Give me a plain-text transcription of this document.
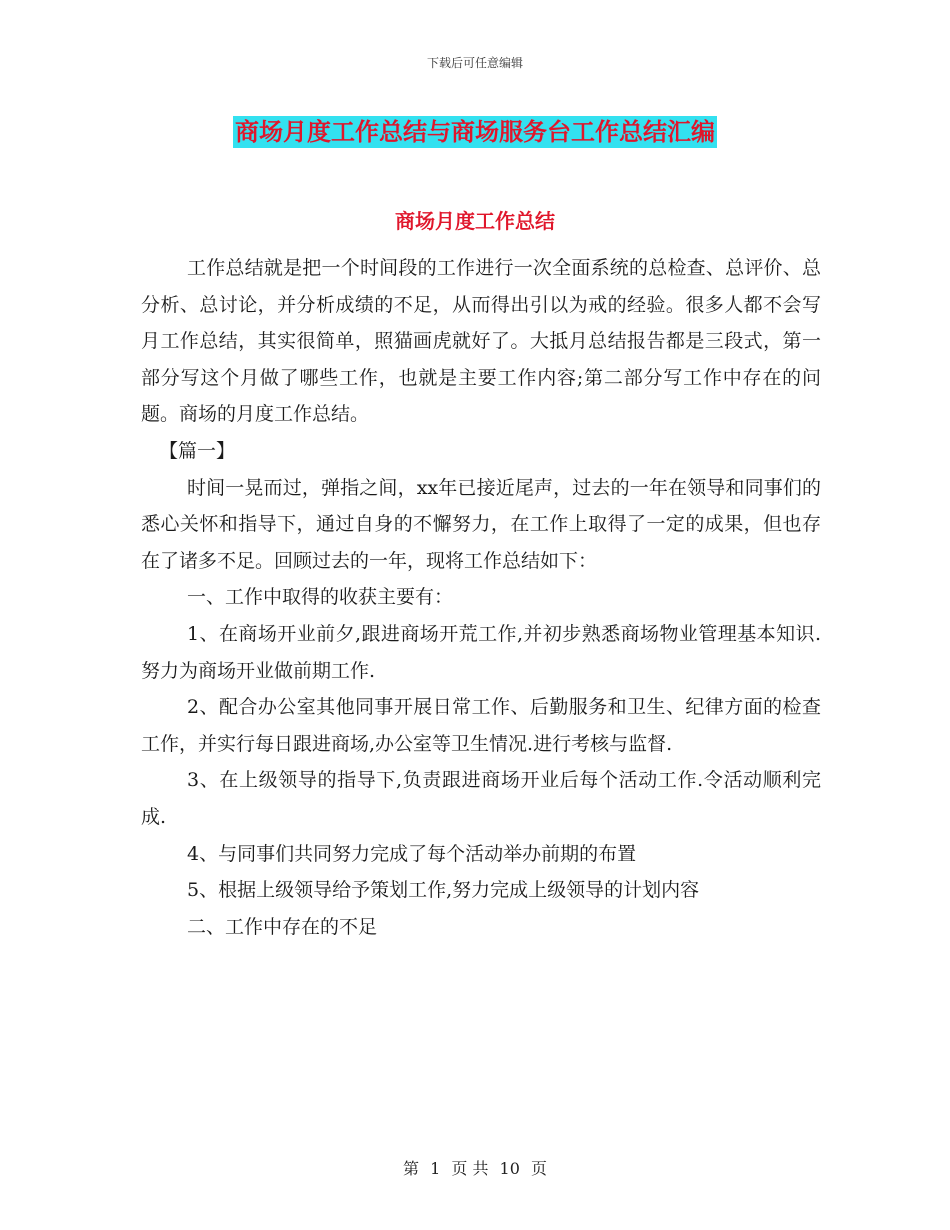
下载后可任意编辑
商场月度工作总结与商场服务台工作总结汇编
商场月度工作总结

工作总结就是把一个时间段的工作进行一次全面系统的总检查、总评价、总分析、总讨论，并分析成绩的不足，从而得出引以为戒的经验。很多人都不会写月工作总结，其实很简单，照猫画虎就好了。大抵月总结报告都是三段式，第一部分写这个月做了哪些工作，也就是主要工作内容;第二部分写工作中存在的问题。商场的月度工作总结。

【篇一】

时间一晃而过，弹指之间，xx年已接近尾声，过去的一年在领导和同事们的悉心关怀和指导下，通过自身的不懈努力，在工作上取得了一定的成果，但也存在了诸多不足。回顾过去的一年，现将工作总结如下：

一、工作中取得的收获主要有：

1、在商场开业前夕,跟进商场开荒工作,并初步熟悉商场物业管理基本知识.努力为商场开业做前期工作.

2、配合办公室其他同事开展日常工作、后勤服务和卫生、纪律方面的检查工作，并实行每日跟进商场,办公室等卫生情况.进行考核与监督.

3、在上级领导的指导下,负责跟进商场开业后每个活动工作.令活动顺利完成.

4、与同事们共同努力完成了每个活动举办前期的布置

5、根据上级领导给予策划工作,努力完成上级领导的计划内容

二、工作中存在的不足

第 1 页 共 10 页
